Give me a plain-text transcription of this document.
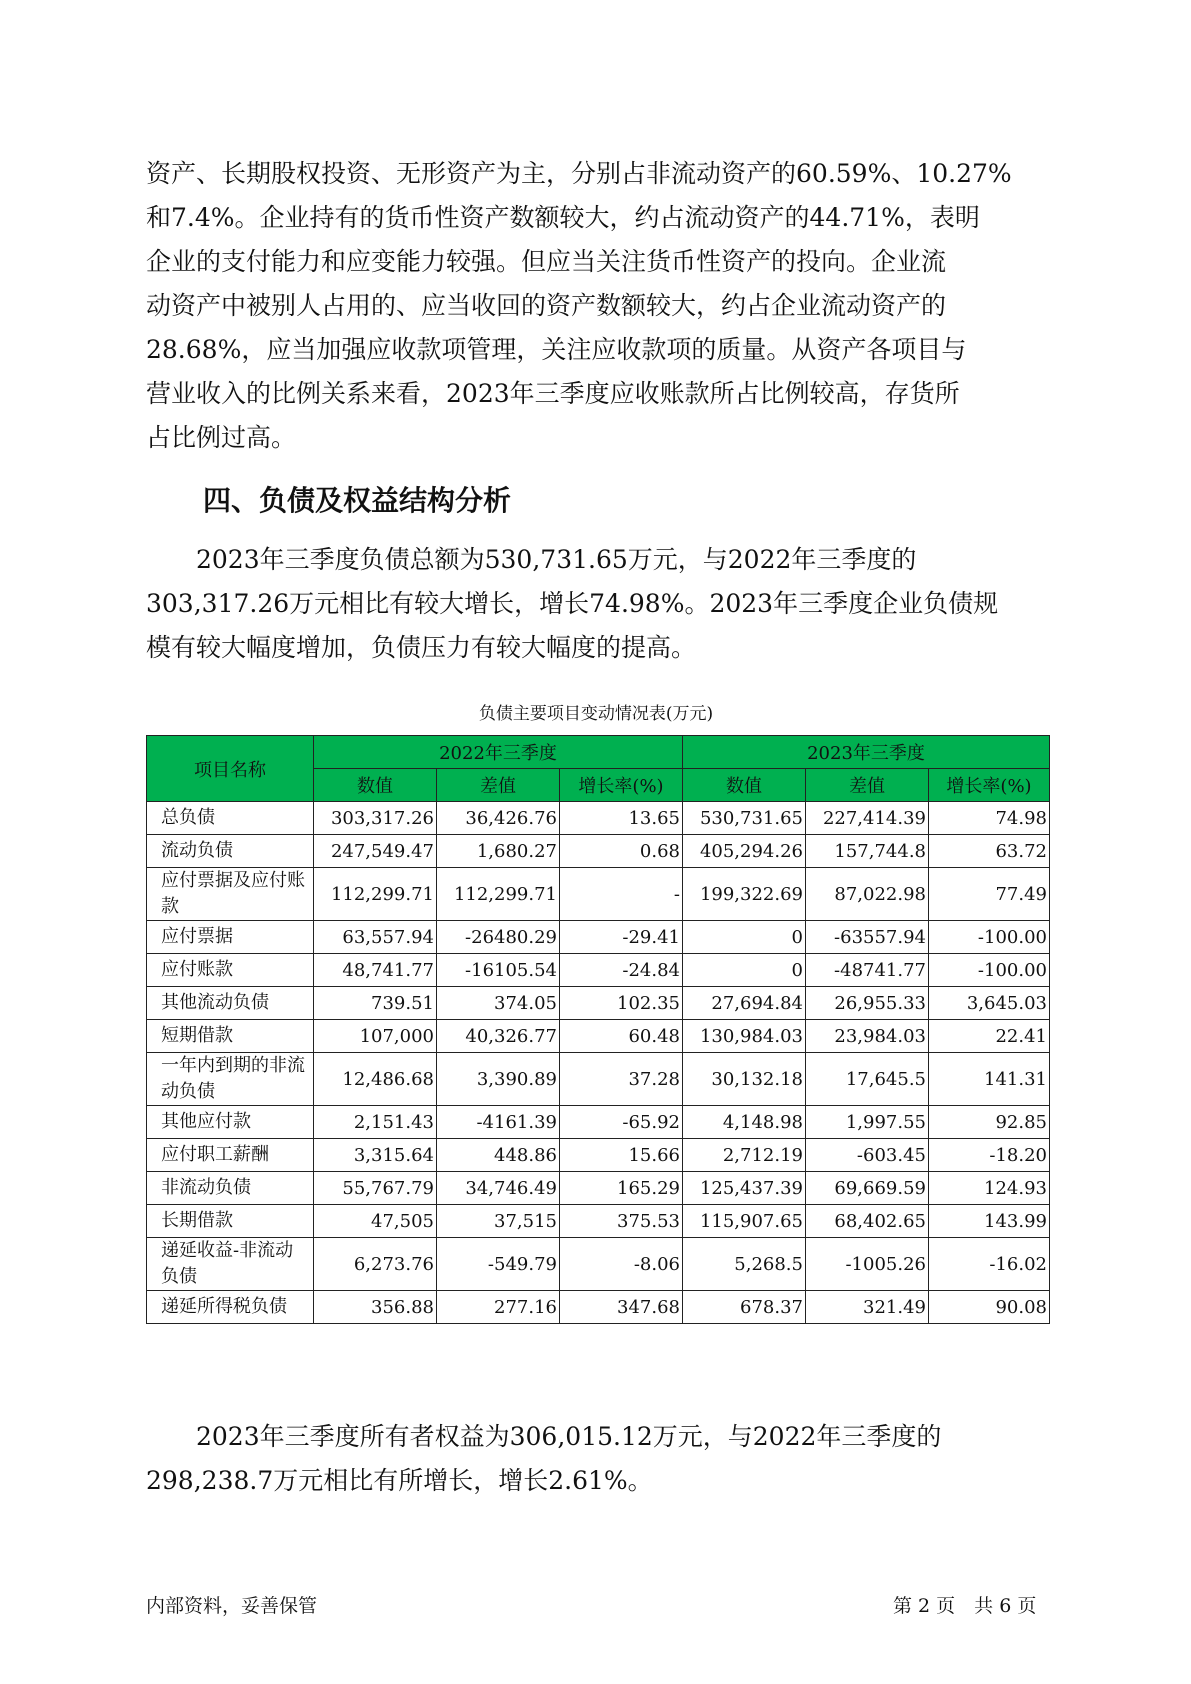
资产、长期股权投资、无形资产为主，分别占非流动资产的60.59%、10.27%
和7.4%。企业持有的货币性资产数额较大，约占流动资产的44.71%，表明
企业的支付能力和应变能力较强。但应当关注货币性资产的投向。企业流
动资产中被别人占用的、应当收回的资产数额较大，约占企业流动资产的
28.68%，应当加强应收款项管理，关注应收款项的质量。从资产各项目与
营业收入的比例关系来看，2023年三季度应收账款所占比例较高，存货所
占比例过高。

四、负债及权益结构分析

　　2023年三季度负债总额为530,731.65万元，与2022年三季度的
303,317.26万元相比有较大增长，增长74.98%。2023年三季度企业负债规
模有较大幅度增加，负债压力有较大幅度的提高。

负债主要项目变动情况表(万元)
项目名称	2022年三季度			2023年三季度		
	数值	差值	增长率(%)	数值	差值	增长率(%)
总负债	303,317.26	36,426.76	13.65	530,731.65	227,414.39	74.98
流动负债	247,549.47	1,680.27	0.68	405,294.26	157,744.8	63.72
应付票据及应付账款	112,299.71	112,299.71	-	199,322.69	87,022.98	77.49
应付票据	63,557.94	-26480.29	-29.41	0	-63557.94	-100.00
应付账款	48,741.77	-16105.54	-24.84	0	-48741.77	-100.00
其他流动负债	739.51	374.05	102.35	27,694.84	26,955.33	3,645.03
短期借款	107,000	40,326.77	60.48	130,984.03	23,984.03	22.41
一年内到期的非流动负债	12,486.68	3,390.89	37.28	30,132.18	17,645.5	141.31
其他应付款	2,151.43	-4161.39	-65.92	4,148.98	1,997.55	92.85
应付职工薪酬	3,315.64	448.86	15.66	2,712.19	-603.45	-18.20
非流动负债	55,767.79	34,746.49	165.29	125,437.39	69,669.59	124.93
长期借款	47,505	37,515	375.53	115,907.65	68,402.65	143.99
递延收益-非流动负债	6,273.76	-549.79	-8.06	5,268.5	-1005.26	-16.02
递延所得税负债	356.88	277.16	347.68	678.37	321.49	90.08

　　2023年三季度所有者权益为306,015.12万元，与2022年三季度的
298,238.7万元相比有所增长，增长2.61%。

内部资料，妥善保管	第 2 页　共 6 页
